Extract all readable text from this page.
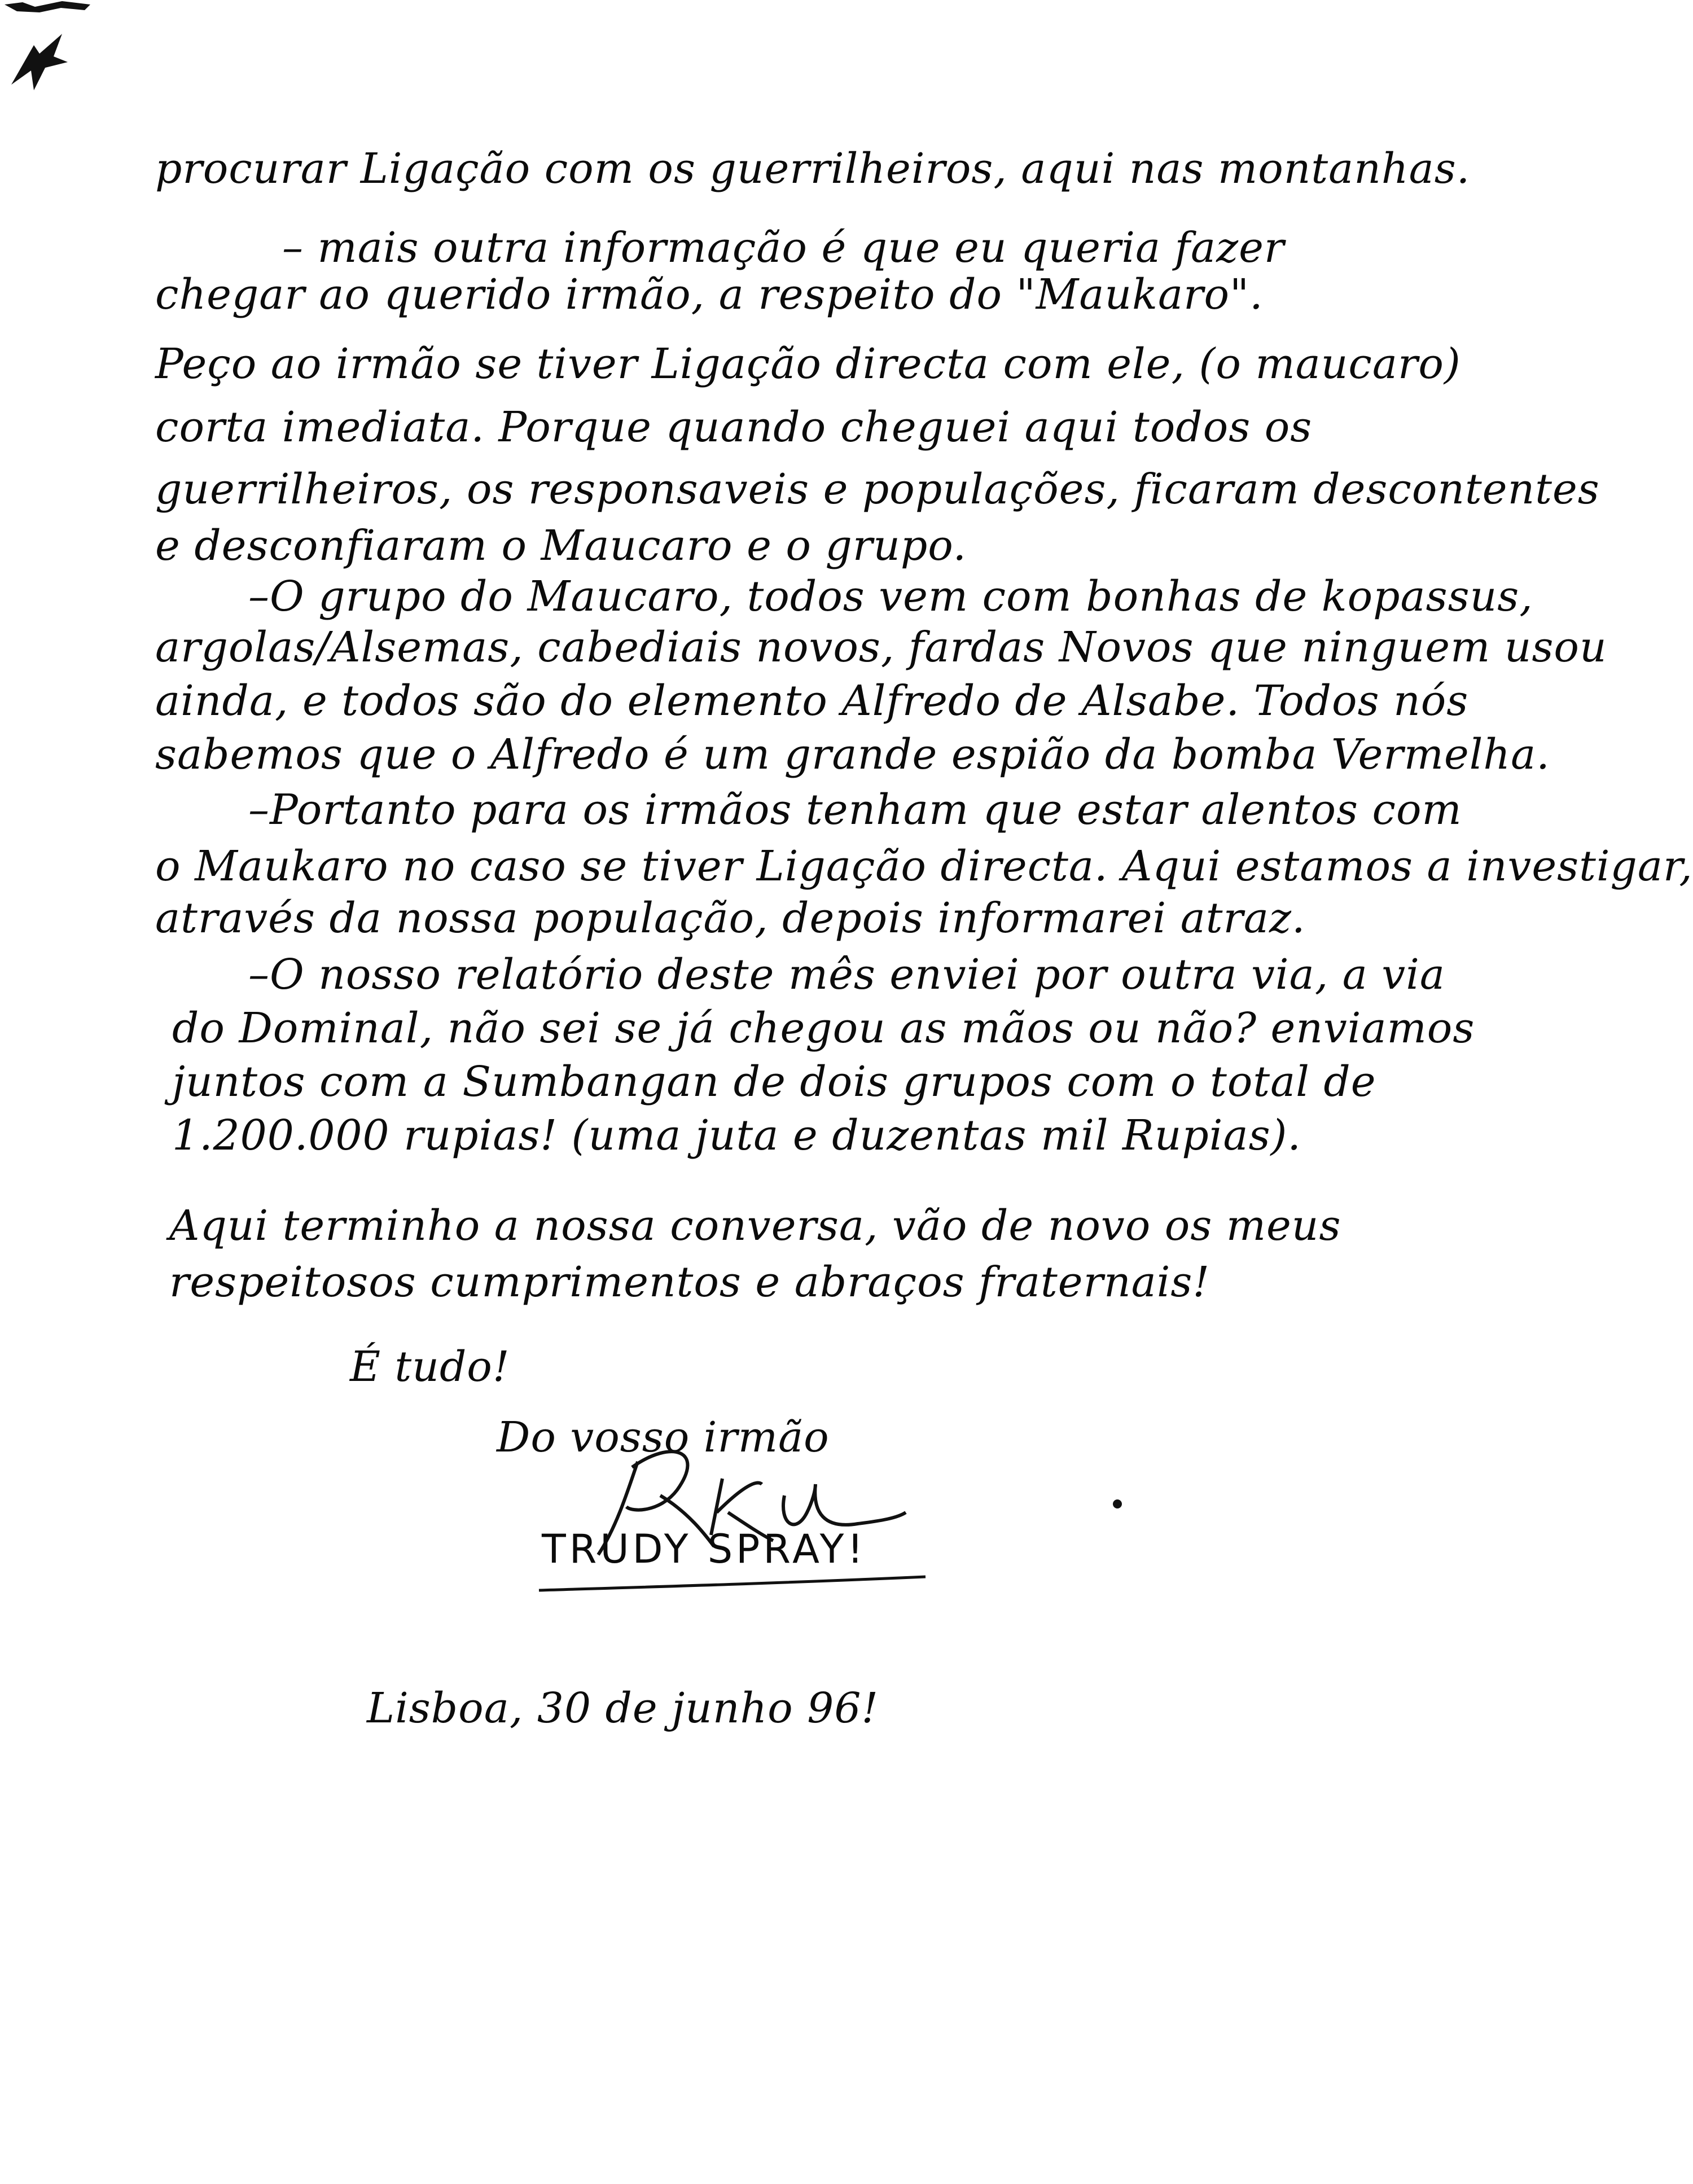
procurar Ligação com os guerrilheiros, aqui nas montanhas.
– mais outra informação é que eu queria fazer
chegar ao querido irmão, a respeito do "Maukaro".
Peço ao irmão se tiver Ligação directa com ele, (o maucaro)
corta imediata. Porque quando cheguei aqui todos os
guerrilheiros, os responsaveis e populações, ficaram descontentes
e desconfiaram o Maucaro e o grupo.
–O grupo do Maucaro, todos vem com bonhas de kopassus,
argolas/Alsemas, cabediais novos, fardas Novos que ninguem usou
ainda, e todos são do elemento Alfredo de Alsabe. Todos nós
sabemos que o Alfredo é um grande espião da bomba Vermelha.
–Portanto para os irmãos tenham que estar alentos com
o Maukaro no caso se tiver Ligação directa. Aqui estamos a investigar,
através da nossa população, depois informarei atraz.
–O nosso relatório deste mês enviei por outra via, a via
do Dominal, não sei se já chegou as mãos ou não? enviamos
juntos com a Sumbangan de dois grupos com o total de
1.200.000 rupias! (uma juta e duzentas mil Rupias).
Aqui terminho a nossa conversa, vão de novo os meus
respeitosos cumprimentos e abraços fraternais!
É tudo!
Do vosso irmão
TRUDY SPRAY!
Lisboa, 30 de junho 96!
